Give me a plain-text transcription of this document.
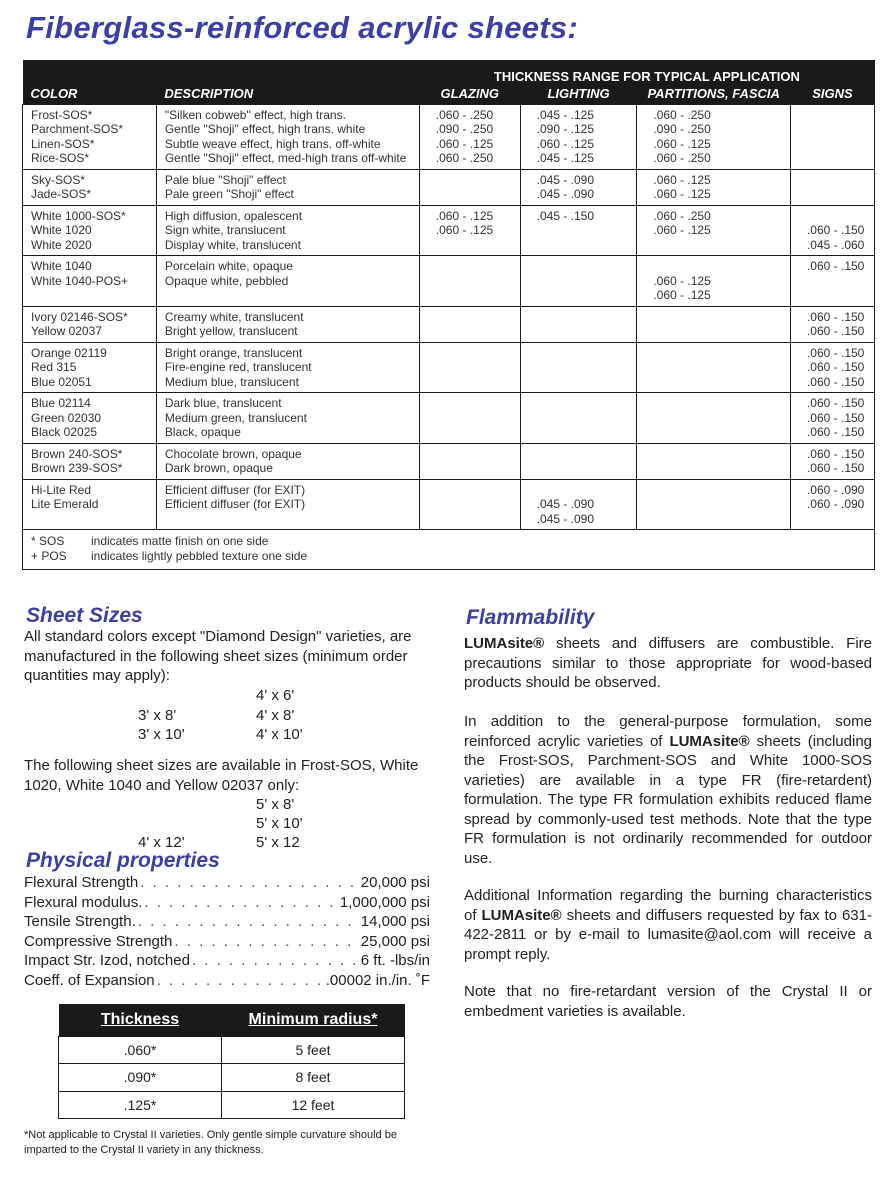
Fiberglass-reinforced acrylic sheets:
		THICKNESS RANGE FOR TYPICAL APPLICATION			
COLOR	DESCRIPTION	GLAZING	LIGHTING	PARTITIONS, FASCIA	SIGNS

Frost-SOS*
Parchment-SOS*
Linen-SOS*
Rice-SOS*	"Silken cobweb" effect, high trans.
Gentle "Shoji" effect, high trans. white
Subtle weave effect, high trans. off-white
Gentle "Shoji" effect, med-high trans off-white	.060 - .250
.090 - .250
.060 - .125
.060 - .250	.045 - .125
.090 - .125
.060 - .125
.045 - .125	.060 - .250
.090 - .250
.060 - .125
.060 - .250	

Sky-SOS*
Jade-SOS*	Pale blue "Shoji" effect
Pale green "Shoji" effect		.045 - .090
.045 - .090	.060 - .125
.060 - .125	

White 1000-SOS*
White 1020
White 2020	High diffusion, opalescent
Sign white, translucent
Display white, translucent	.060 - .125
.060 - .125	.045 - .150	.060 - .250
.060 - .125	.060 - .150
.045 - .060

White 1040
White 1040-POS+	Porcelain white, opaque
Opaque white, pebbled			.060 - .125
.060 - .125	.060 - .150

Ivory 02146-SOS*
Yellow 02037	Creamy white, translucent
Bright yellow, translucent				.060 - .150
.060 - .150

Orange 02119
Red 315
Blue 02051	Bright orange, translucent
Fire-engine red, translucent
Medium blue, translucent				.060 - .150
.060 - .150
.060 - .150

Blue 02114
Green 02030
Black 02025	Dark blue, translucent
Medium green, translucent
Black, opaque				.060 - .150
.060 - .150
.060 - .150

Brown 240-SOS*
Brown 239-SOS*	Chocolate brown, opaque
Dark brown, opaque				.060 - .150
.060 - .150

Hi-Lite Red
Lite Emerald	Efficient diffuser (for EXIT)
Efficient diffuser (for EXIT)		.045 - .090
.045 - .090		.060 - .090
.060 - .090

* SOS indicates matte finish on one side
+ POS indicates lightly pebbled texture one side					
Sheet Sizes
All standard colors except "Diamond Design" varieties, are manufactured in the following sheet sizes (minimum order quantities may apply):
4' x 6'
3' x 8'	4' x 8'
3' x 10'	4' x 10'
The following sheet sizes are available in Frost-SOS, White 1020, White 1040 and Yellow 02037 only:
5' x 8'
5' x 10'
4' x 12'	5' x 12
Physical properties
Flexural Strength . . .	20,000 psi
Flexural modulus. . . .	1,000,000 psi
Tensile Strength. . . .	14,000 psi
Compressive Strength . . .	25,000 psi
Impact Str. Izod, notched . . .	6 ft. -lbs/in
Coeff. of Expansion . . .	.00002 in./in. ˚F
Thickness	Minimum radius*
.060*	5 feet
.090*	8 feet
.125*	12 feet
*Not applicable to Crystal II varieties. Only gentle simple curvature should be imparted to the Crystal II variety in any thickness.
Flammability
LUMAsite® sheets and diffusers are combustible. Fire precautions similar to those appropriate for wood-based products should be observed.
In addition to the general-purpose formulation, some reinforced acrylic varieties of LUMAsite® sheets (including the Frost-SOS, Parchment-SOS and White 1000-SOS varieties) are available in a type FR (fire-retardent) formulation. The type FR formulation exhibits reduced flame spread by commonly-used test methods. Note that the type FR formulation is not ordinarily recommended for outdoor use.
Additional Information regarding the burning characteristics of LUMAsite® sheets and diffusers requested by fax to 631-422-2811 or by e-mail to lumasite@aol.com will receive a prompt reply.
Note that no fire-retardant version of the Crystal II or embedment varieties is available.
